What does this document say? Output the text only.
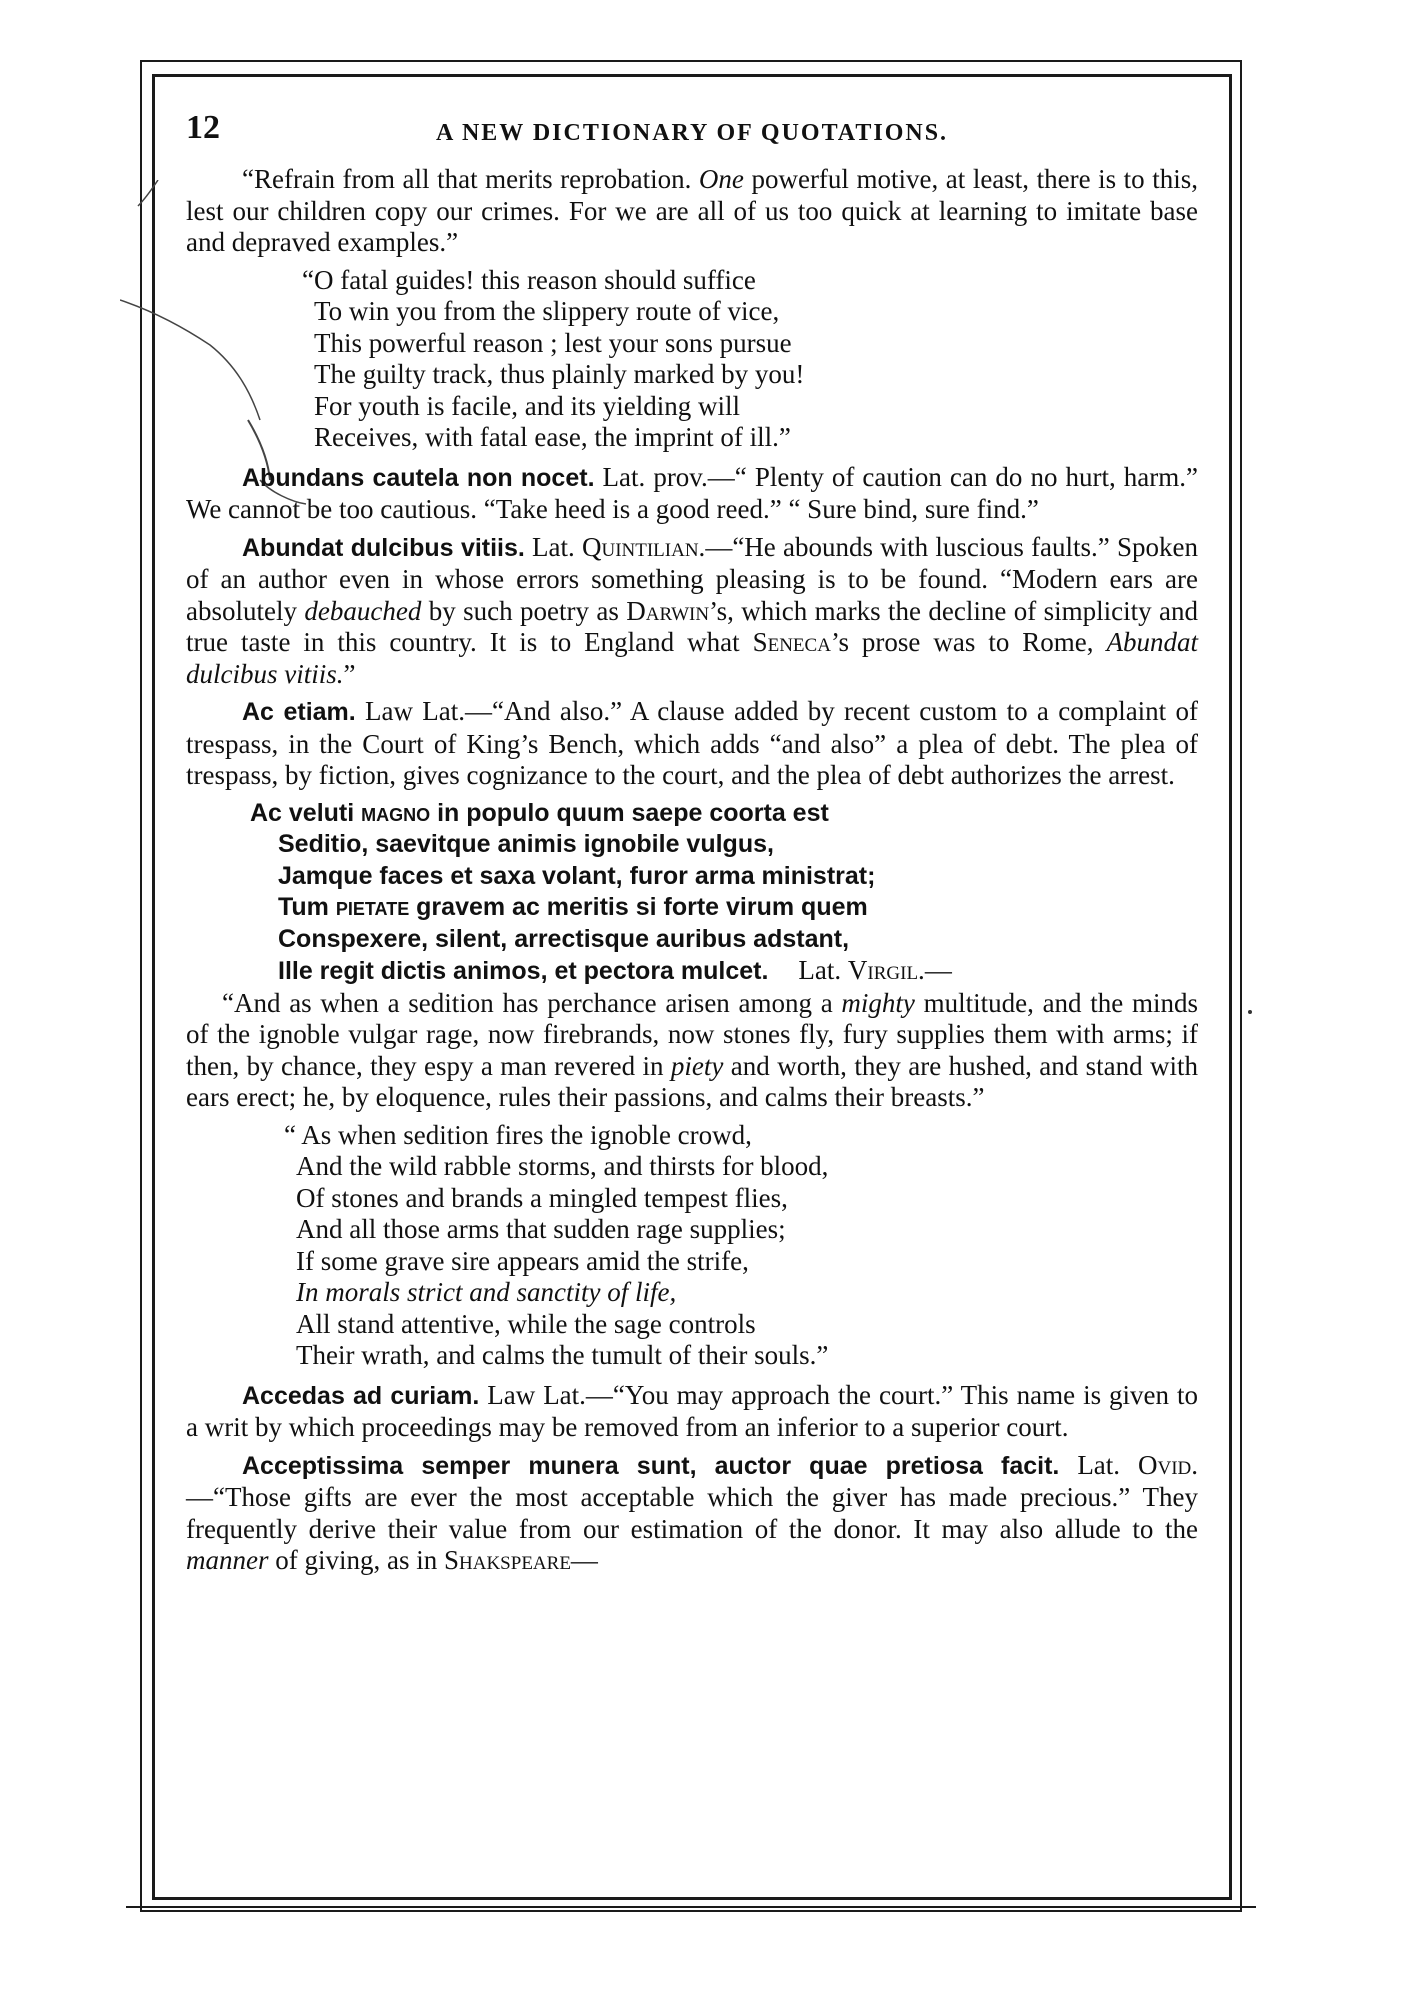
12	A NEW DICTIONARY OF QUOTATIONS.

“Refrain from all that merits reprobation. One powerful motive, at least, there is to this, lest our children copy our crimes. For we are all of us too quick at learning to imitate base and depraved examples.”

“O fatal guides! this reason should suffice
To win you from the slippery route of vice,
This powerful reason ; lest your sons pursue
The guilty track, thus plainly marked by you!
For youth is facile, and its yielding will
Receives, with fatal ease, the imprint of ill.”

Abundans cautela non nocet. Lat. prov.—“ Plenty of caution can do no hurt, harm.” We cannot be too cautious. “Take heed is a good reed.” “ Sure bind, sure find.”

Abundat dulcibus vitiis. Lat. Quintilian.—“He abounds with luscious faults.” Spoken of an author even in whose errors something pleasing is to be found. “Modern ears are absolutely debauched by such poetry as Darwin’s, which marks the decline of simplicity and true taste in this country. It is to England what Seneca’s prose was to Rome, Abundat dulcibus vitiis.”

Ac etiam. Law Lat.—“And also.” A clause added by recent custom to a complaint of trespass, in the Court of King’s Bench, which adds “and also” a plea of debt. The plea of trespass, by fiction, gives cognizance to the court, and the plea of debt authorizes the arrest.

Ac veluti magno in populo quum saepe coorta est
Seditio, saevitque animis ignobile vulgus,
Jamque faces et saxa volant, furor arma ministrat;
Tum pietate gravem ac meritis si forte virum quem
Conspexere, silent, arrectisque auribus adstant,
Ille regit dictis animos, et pectora mulcet. Lat. Virgil.—

“And as when a sedition has perchance arisen among a mighty multitude, and the minds of the ignoble vulgar rage, now firebrands, now stones fly, fury supplies them with arms; if then, by chance, they espy a man revered in piety and worth, they are hushed, and stand with ears erect; he, by eloquence, rules their passions, and calms their breasts.”

“ As when sedition fires the ignoble crowd,
And the wild rabble storms, and thirsts for blood,
Of stones and brands a mingled tempest flies,
And all those arms that sudden rage supplies;
If some grave sire appears amid the strife,
In morals strict and sanctity of life,
All stand attentive, while the sage controls
Their wrath, and calms the tumult of their souls.”

Accedas ad curiam. Law Lat.—“You may approach the court.” This name is given to a writ by which proceedings may be removed from an inferior to a superior court.

Acceptissima semper munera sunt, auctor quae pretiosa facit. Lat. Ovid.—“Those gifts are ever the most acceptable which the giver has made precious.” They frequently derive their value from our estimation of the donor. It may also allude to the manner of giving, as in Shakspeare—
